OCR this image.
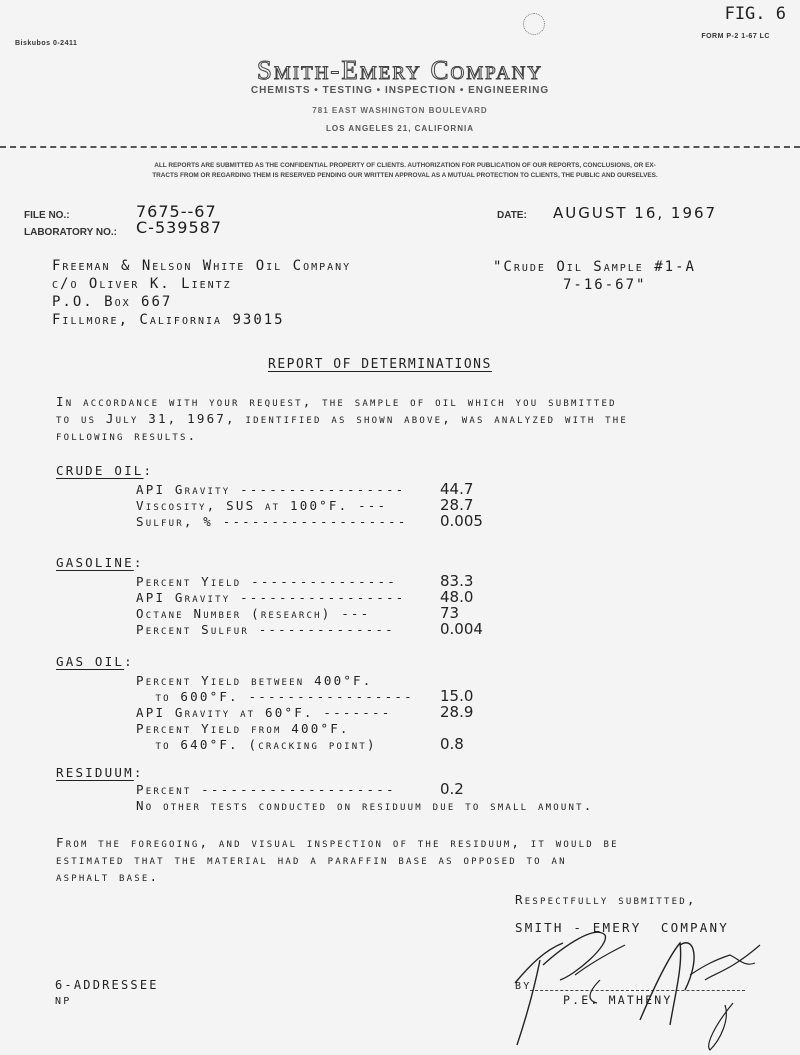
FIG. 6
Biskubos 0-2411
FORM P-2 1-67 LC
Smith-Emery Company
CHEMISTS • TESTING • INSPECTION • ENGINEERING
781 EAST WASHINGTON BOULEVARD
LOS ANGELES 21, CALIFORNIA
ALL REPORTS ARE SUBMITTED AS THE CONFIDENTIAL PROPERTY OF CLIENTS. AUTHORIZATION FOR PUBLICATION OF OUR REPORTS, CONCLUSIONS, OR EX-
TRACTS FROM OR REGARDING THEM IS RESERVED PENDING OUR WRITTEN APPROVAL AS A MUTUAL PROTECTION TO CLIENTS, THE PUBLIC AND OURSELVES.
FILE NO.:	7675--67
LABORATORY NO.: C-539587
DATE: AUGUST 16, 1967
Freeman & Nelson White Oil Company
c/o Oliver K. Lientz
P.O. Box 667
Fillmore, California 93015
"Crude Oil Sample #1-A
7-16-67"
REPORT OF DETERMINATIONS
In accordance with your request, the sample of oil which you submitted
to us July 31, 1967, identified as shown above, was analyzed with the
following results.
CRUDE OIL:
API Gravity -----------------
Viscosity, SUS at 100°F. ---
Sulfur, % -------------------
44.7
28.7
0.005
GASOLINE:
Percent Yield ---------------
API Gravity -----------------
Octane Number (research) ---
Percent Sulfur --------------
83.3
48.0
73
0.004
GAS OIL:
Percent Yield between 400°F.
to 600°F. -----------------
API Gravity at 60°F. -------
Percent Yield from 400°F.
to 640°F. (cracking point)
15.0
28.9
0.8
RESIDUUM:
Percent --------------------
No other tests conducted on residuum due to small amount.
0.2
From the foregoing, and visual inspection of the residuum, it would be
estimated that the material had a paraffin base as opposed to an
asphalt base.
Respectfully submitted,
SMITH - EMERY  COMPANY
BY
P.E. MATHENY
6-ADDRESSEE
NP
